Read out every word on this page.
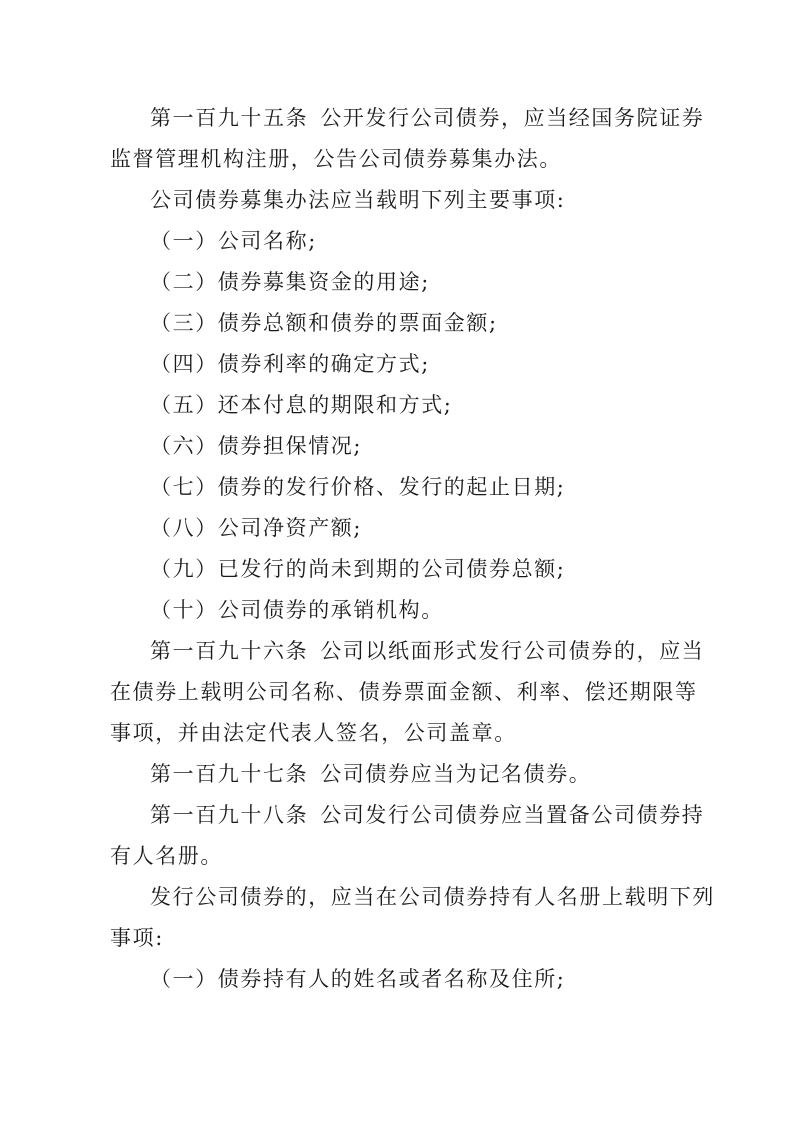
第一百九十五条 公开发行公司债券，应当经国务院证券
监督管理机构注册，公告公司债券募集办法。
公司债券募集办法应当载明下列主要事项:
（一）公司名称;
（二）债券募集资金的用途;
（三）债券总额和债券的票面金额;
（四）债券利率的确定方式;
（五）还本付息的期限和方式;
（六）债券担保情况;
（七）债券的发行价格、发行的起止日期;
（八）公司净资产额;
（九）已发行的尚未到期的公司债券总额;
（十）公司债券的承销机构。
第一百九十六条 公司以纸面形式发行公司债券的，应当
在债券上载明公司名称、债券票面金额、利率、偿还期限等
事项，并由法定代表人签名，公司盖章。
第一百九十七条 公司债券应当为记名债券。
第一百九十八条 公司发行公司债券应当置备公司债券持
有人名册。
发行公司债券的，应当在公司债券持有人名册上载明下列
事项:
（一）债券持有人的姓名或者名称及住所;
